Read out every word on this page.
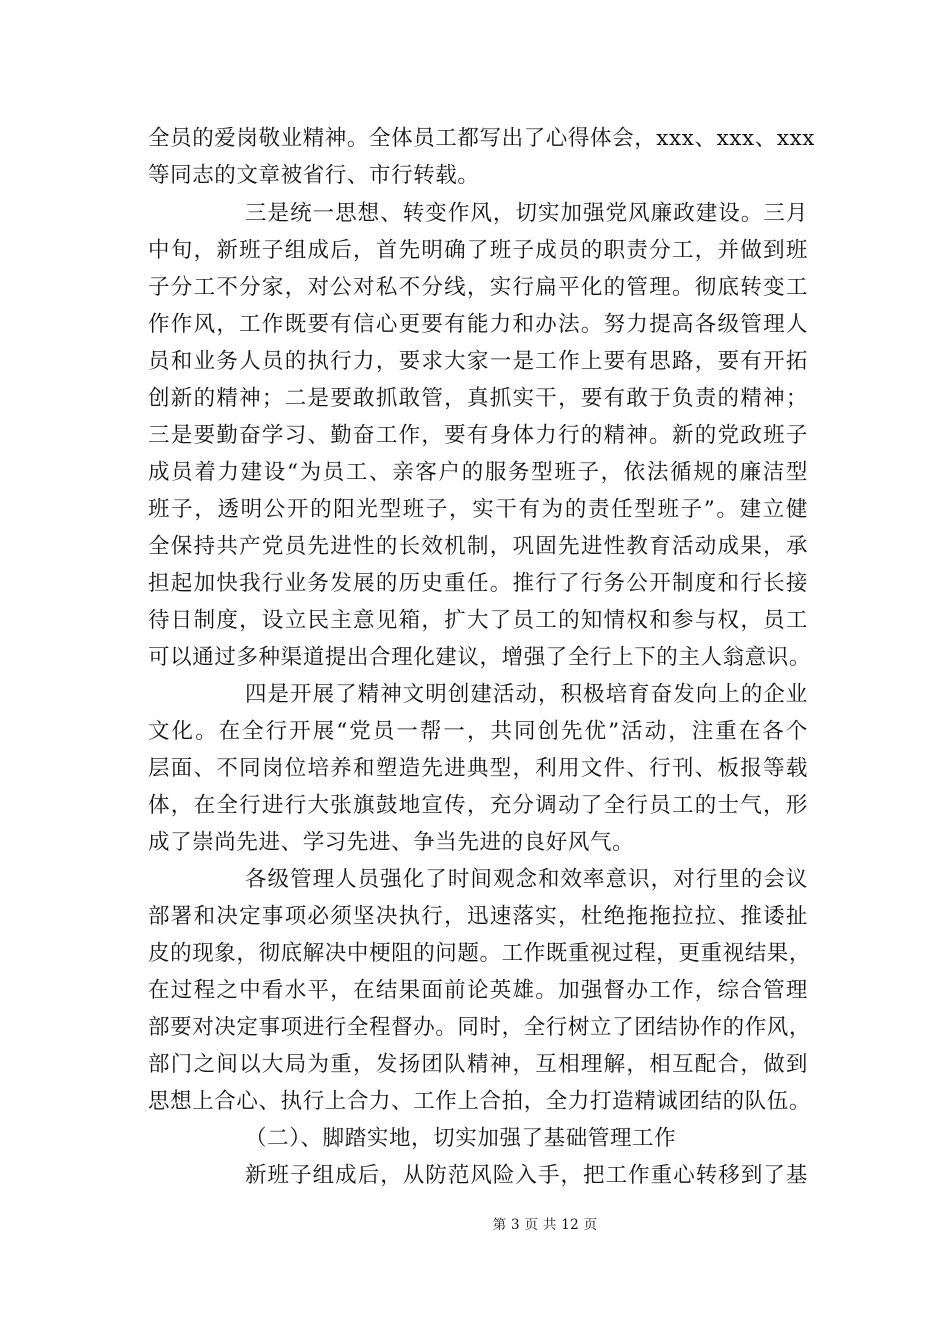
全员的爱岗敬业精神。全体员工都写出了心得体会，xxx、xxx、xxx
等同志的文章被省行、市行转载。
三是统一思想、转变作风，切实加强党风廉政建设。三月
中旬，新班子组成后，首先明确了班子成员的职责分工，并做到班
子分工不分家，对公对私不分线，实行扁平化的管理。彻底转变工
作作风，工作既要有信心更要有能力和办法。努力提高各级管理人
员和业务人员的执行力，要求大家一是工作上要有思路，要有开拓
创新的精神；二是要敢抓敢管，真抓实干，要有敢于负责的精神；
三是要勤奋学习、勤奋工作，要有身体力行的精神。新的党政班子
成员着力建设“为员工、亲客户的服务型班子，依法循规的廉洁型
班子，透明公开的阳光型班子，实干有为的责任型班子”。建立健
全保持共产党员先进性的长效机制，巩固先进性教育活动成果，承
担起加快我行业务发展的历史重任。推行了行务公开制度和行长接
待日制度，设立民主意见箱，扩大了员工的知情权和参与权，员工
可以通过多种渠道提出合理化建议，增强了全行上下的主人翁意识。
四是开展了精神文明创建活动，积极培育奋发向上的企业
文化。在全行开展“党员一帮一，共同创先优”活动，注重在各个
层面、不同岗位培养和塑造先进典型，利用文件、行刊、板报等载
体，在全行进行大张旗鼓地宣传，充分调动了全行员工的士气，形
成了崇尚先进、学习先进、争当先进的良好风气。
各级管理人员强化了时间观念和效率意识，对行里的会议
部署和决定事项必须坚决执行，迅速落实，杜绝拖拖拉拉、推诿扯
皮的现象，彻底解决中梗阻的问题。工作既重视过程，更重视结果，
在过程之中看水平，在结果面前论英雄。加强督办工作，综合管理
部要对决定事项进行全程督办。同时，全行树立了团结协作的作风，
部门之间以大局为重，发扬团队精神，互相理解，相互配合，做到
思想上合心、执行上合力、工作上合拍，全力打造精诚团结的队伍。
（二）、脚踏实地，切实加强了基础管理工作
新班子组成后，从防范风险入手，把工作重心转移到了基
第 3 页 共 12 页
